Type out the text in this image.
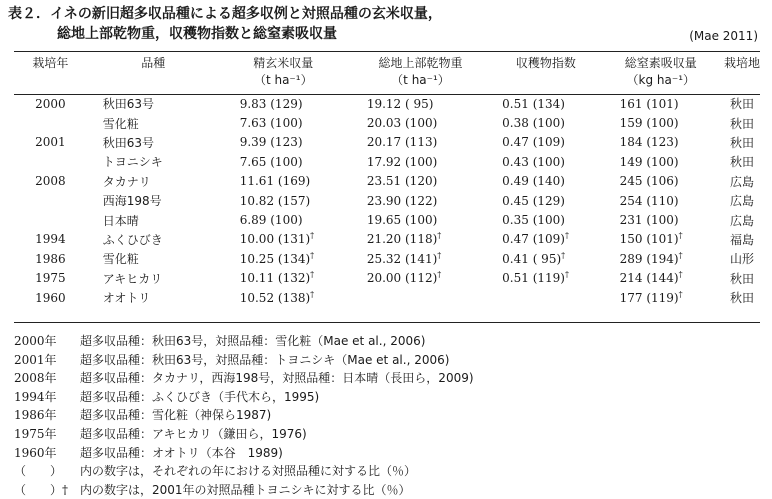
表２．イネの新旧超多収品種による超多収例と対照品種の玄米収量，
総地上部乾物重，収穫物指数と総窒素吸収量	(Mae 2011)
栽培年	品種	精玄米収量	総地上部乾物重	収穫物指数	総窒素吸収量	栽培地
		（t ha⁻¹）	（t ha⁻¹）		（kg ha⁻¹）	

2000	秋田63号	9.83 (129)	19.12 ( 95)	0.51 (134)	161 (101)	秋田
	雪化粧	7.63 (100)	20.03 (100)	0.38 (100)	159 (100)	秋田
2001	秋田63号	9.39 (123)	20.17 (113)	0.47 (109)	184 (123)	秋田
	トヨニシキ	7.65 (100)	17.92 (100)	0.43 (100)	149 (100)	秋田
2008	タカナリ	11.61 (169)	23.51 (120)	0.49 (140)	245 (106)	広島
	西海198号	10.82 (157)	23.90 (122)	0.45 (129)	254 (110)	広島
	日本晴	6.89 (100)	19.65 (100)	0.35 (100)	231 (100)	広島
1994	ふくひびき	10.00 (131)†	21.20 (118)†	0.47 (109)†	150 (101)†	福島
1986	雪化粧	10.25 (134)†	25.32 (141)†	0.41 ( 95)†	289 (194)†	山形
1975	アキヒカリ	10.11 (132)†	20.00 (112)†	0.51 (119)†	214 (144)†	秋田
1960	オオトリ	10.52 (138)†			177 (119)†	秋田
2000年	超多収品種：秋田63号，対照品種：雪化粧（Mae et al., 2006)
2001年	超多収品種：秋田63号，対照品種：トヨニシキ（Mae et al., 2006)
2008年	超多収品種：タカナリ，西海198号，対照品種：日本晴（長田ら，2009)
1994年	超多収品種：ふくひびき（手代木ら，1995)
1986年	超多収品種：雪化粧（神保ら1987)
1975年	超多収品種：アキヒカリ（鎌田ら，1976)
1960年	超多収品種：オオトリ（本谷　1989)
（　　）	内の数字は，それぞれの年における対照品種に対する比（％）
（　　）† 内の数字は，2001年の対照品種トヨニシキに対する比（％）
